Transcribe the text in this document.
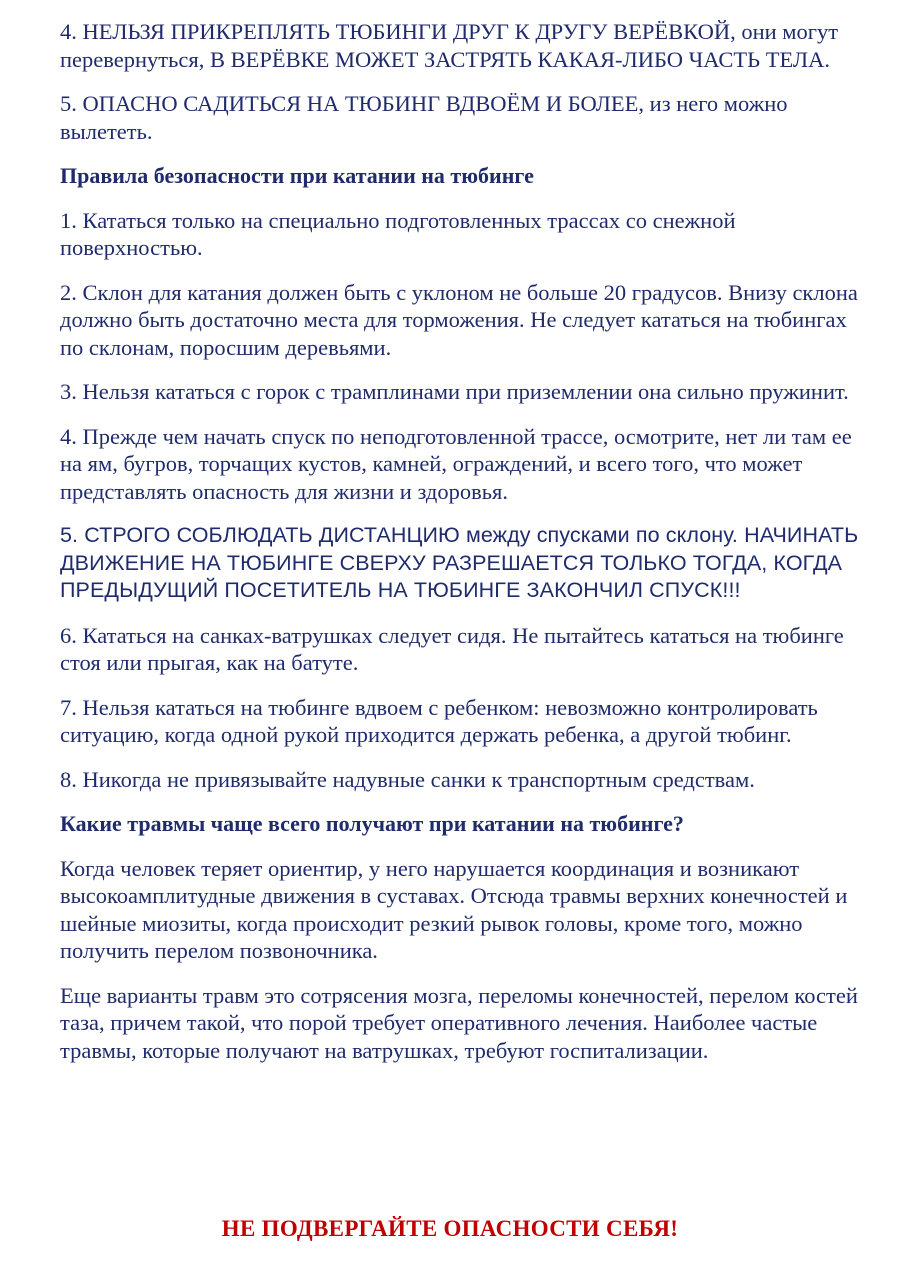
4. НЕЛЬЗЯ ПРИКРЕПЛЯТЬ ТЮБИНГИ ДРУГ К ДРУГУ ВЕРЁВКОЙ, они могут перевернуться, В ВЕРЁВКЕ МОЖЕТ ЗАСТРЯТЬ КАКАЯ-ЛИБО ЧАСТЬ ТЕЛА.

5. ОПАСНО САДИТЬСЯ НА ТЮБИНГ ВДВОЁМ И БОЛЕЕ, из него можно вылететь.

Правила безопасности при катании на тюбинге

1. Кататься только на специально подготовленных трассах со снежной поверхностью.

2. Склон для катания должен быть с уклоном не больше 20 градусов. Внизу склона должно быть достаточно места для торможения. Не следует кататься на тюбингах по склонам, поросшим деревьями.

3. Нельзя кататься с горок с трамплинами при приземлении она сильно пружинит.

4. Прежде чем начать спуск по неподготовленной трассе, осмотрите, нет ли там ее на ям, бугров, торчащих кустов, камней, ограждений, и всего того, что может представлять опасность для жизни и здоровья.

5. СТРОГО СОБЛЮДАТЬ ДИСТАНЦИЮ между спусками по склону. НАЧИНАТЬ ДВИЖЕНИЕ НА ТЮБИНГЕ СВЕРХУ РАЗРЕШАЕТСЯ ТОЛЬКО ТОГДА, КОГДА ПРЕДЫДУЩИЙ ПОСЕТИТЕЛЬ НА ТЮБИНГЕ ЗАКОНЧИЛ СПУСК!!!

6. Кататься на санках-ватрушках следует сидя. Не пытайтесь кататься на тюбинге стоя или прыгая, как на батуте.

7. Нельзя кататься на тюбинге вдвоем с ребенком: невозможно контролировать ситуацию, когда одной рукой приходится держать ребенка, а другой тюбинг.

8. Никогда не привязывайте надувные санки к транспортным средствам.

Какие травмы чаще всего получают при катании на тюбинге?

Когда человек теряет ориентир, у него нарушается координация и возникают высокоамплитудные движения в суставах. Отсюда травмы верхних конечностей и шейные миозиты, когда происходит резкий рывок головы, кроме того, можно получить перелом позвоночника.

Еще варианты травм это сотрясения мозга, переломы конечностей, перелом костей таза, причем такой, что порой требует оперативного лечения. Наиболее частые травмы, которые получают на ватрушках, требуют госпитализации.

НЕ ПОДВЕРГАЙТЕ ОПАСНОСТИ СЕБЯ!
